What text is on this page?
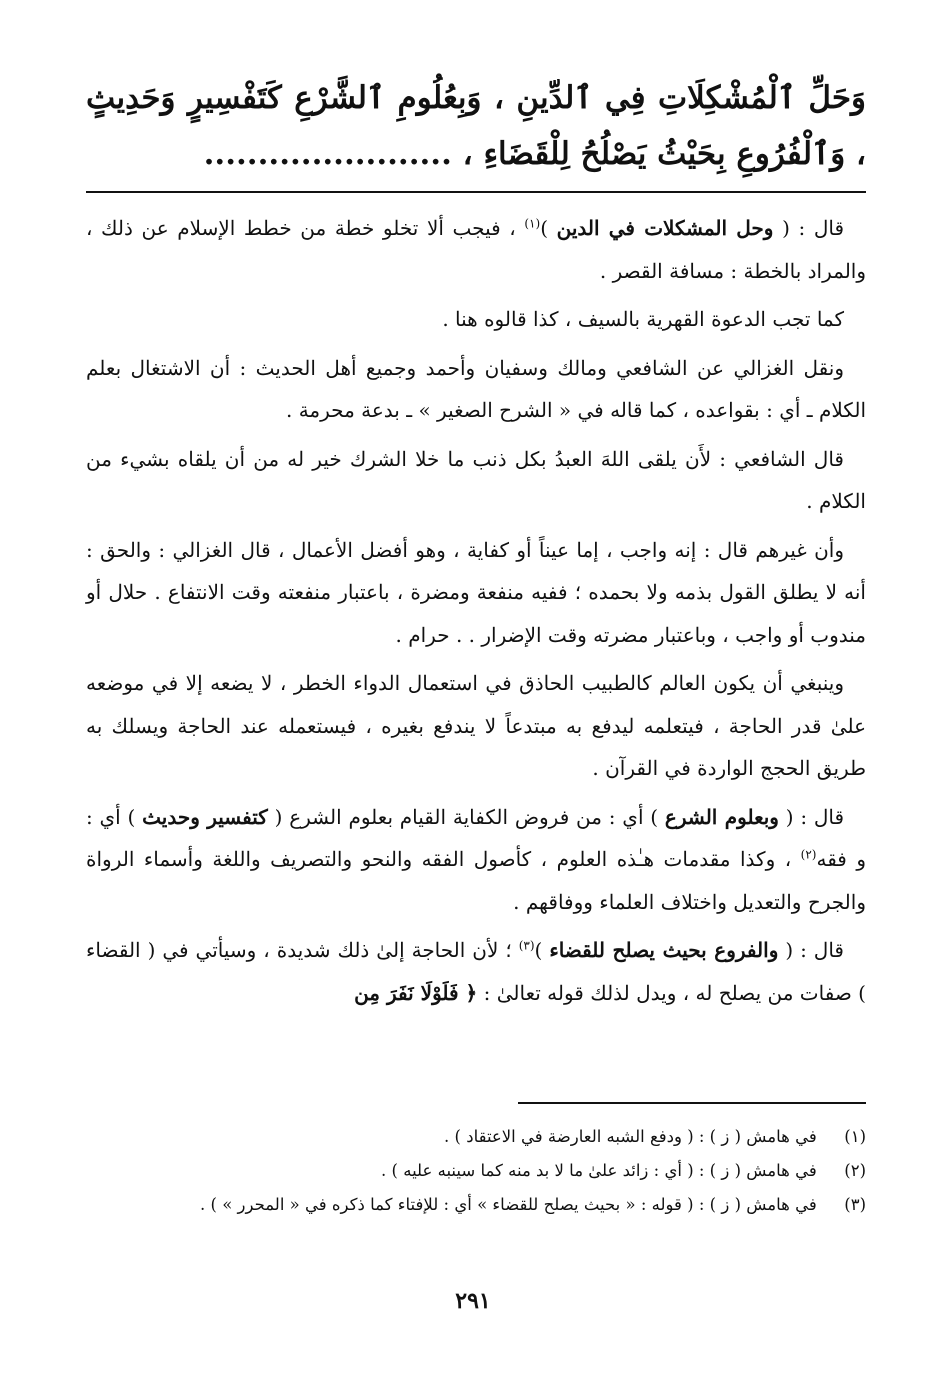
وَحَلِّ ٱلْمُشْكِلَاتِ فِي ٱلدِّينِ ، وَبِعُلُومِ ٱلشَّرْعِ كَتَفْسِيرٍ وَحَدِيثٍ ، وَٱلْفُرُوعِ بِحَيْثُ يَصْلُحُ لِلْقَضَاءِ ، .......................

قال : ( وحل المشكلات في الدين )$^{(١)}$ ، فيجب ألا تخلو خطة من خطط الإسلام عن ذلك ، والمراد بالخطة : مسافة القصر .

كما تجب الدعوة القهرية بالسيف ، كذا قالوه هنا .

ونقل الغزالي عن الشافعي ومالك وسفيان وأحمد وجميع أهل الحديث : أن الاشتغال بعلم الكلام ـ أي : بقواعده ، كما قاله في « الشرح الصغير » ـ بدعة محرمة .

قال الشافعي : لأَن يلقى اللهَ العبدُ بكل ذنب ما خلا الشرك خير له من أن يلقاه بشيء من الكلام .

وأن غيرهم قال : إنه واجب ، إما عيناً أو كفاية ، وهو أفضل الأعمال ، قال الغزالي : والحق : أنه لا يطلق القول بذمه ولا بحمده ؛ ففيه منفعة ومضرة ، باعتبار منفعته وقت الانتفاع . حلال أو مندوب أو واجب ، وباعتبار مضرته وقت الإضرار . . حرام .

وينبغي أن يكون العالم كالطبيب الحاذق في استعمال الدواء الخطر ، لا يضعه إلا في موضعه علىٰ قدر الحاجة ، فيتعلمه ليدفع به مبتدعاً لا يندفع بغيره ، فيستعمله عند الحاجة ويسلك به طريق الحجج الواردة في القرآن .

قال : ( وبعلوم الشرع ) أي : من فروض الكفاية القيام بعلوم الشرع ( كتفسير وحديث ) أي : و فقه$^{(٢)}$ ، وكذا مقدمات هـٰذه العلوم ، كأصول الفقه والنحو والتصريف واللغة وأسماء الرواة والجرح والتعديل واختلاف العلماء ووفاقهم .

قال : ( والفروع بحيث يصلح للقضاء )$^{(٣)}$ ؛ لأن الحاجة إلىٰ ذلك شديدة ، وسيأتي في ( القضاء ) صفات من يصلح له ، ويدل لذلك قوله تعالىٰ : ﴿ فَلَوْلَا نَفَرَ مِن

(١) في هامش ( ز ) : ( ودفع الشبه العارضة في الاعتقاد ) .
(٢) في هامش ( ز ) : ( أي : زائد علىٰ ما لا بد منه كما سينبه عليه ) .
(٣) في هامش ( ز ) : ( قوله : « بحيث يصلح للقضاء » أي : للإفتاء كما ذكره في « المحرر » ) .
٢٩١
